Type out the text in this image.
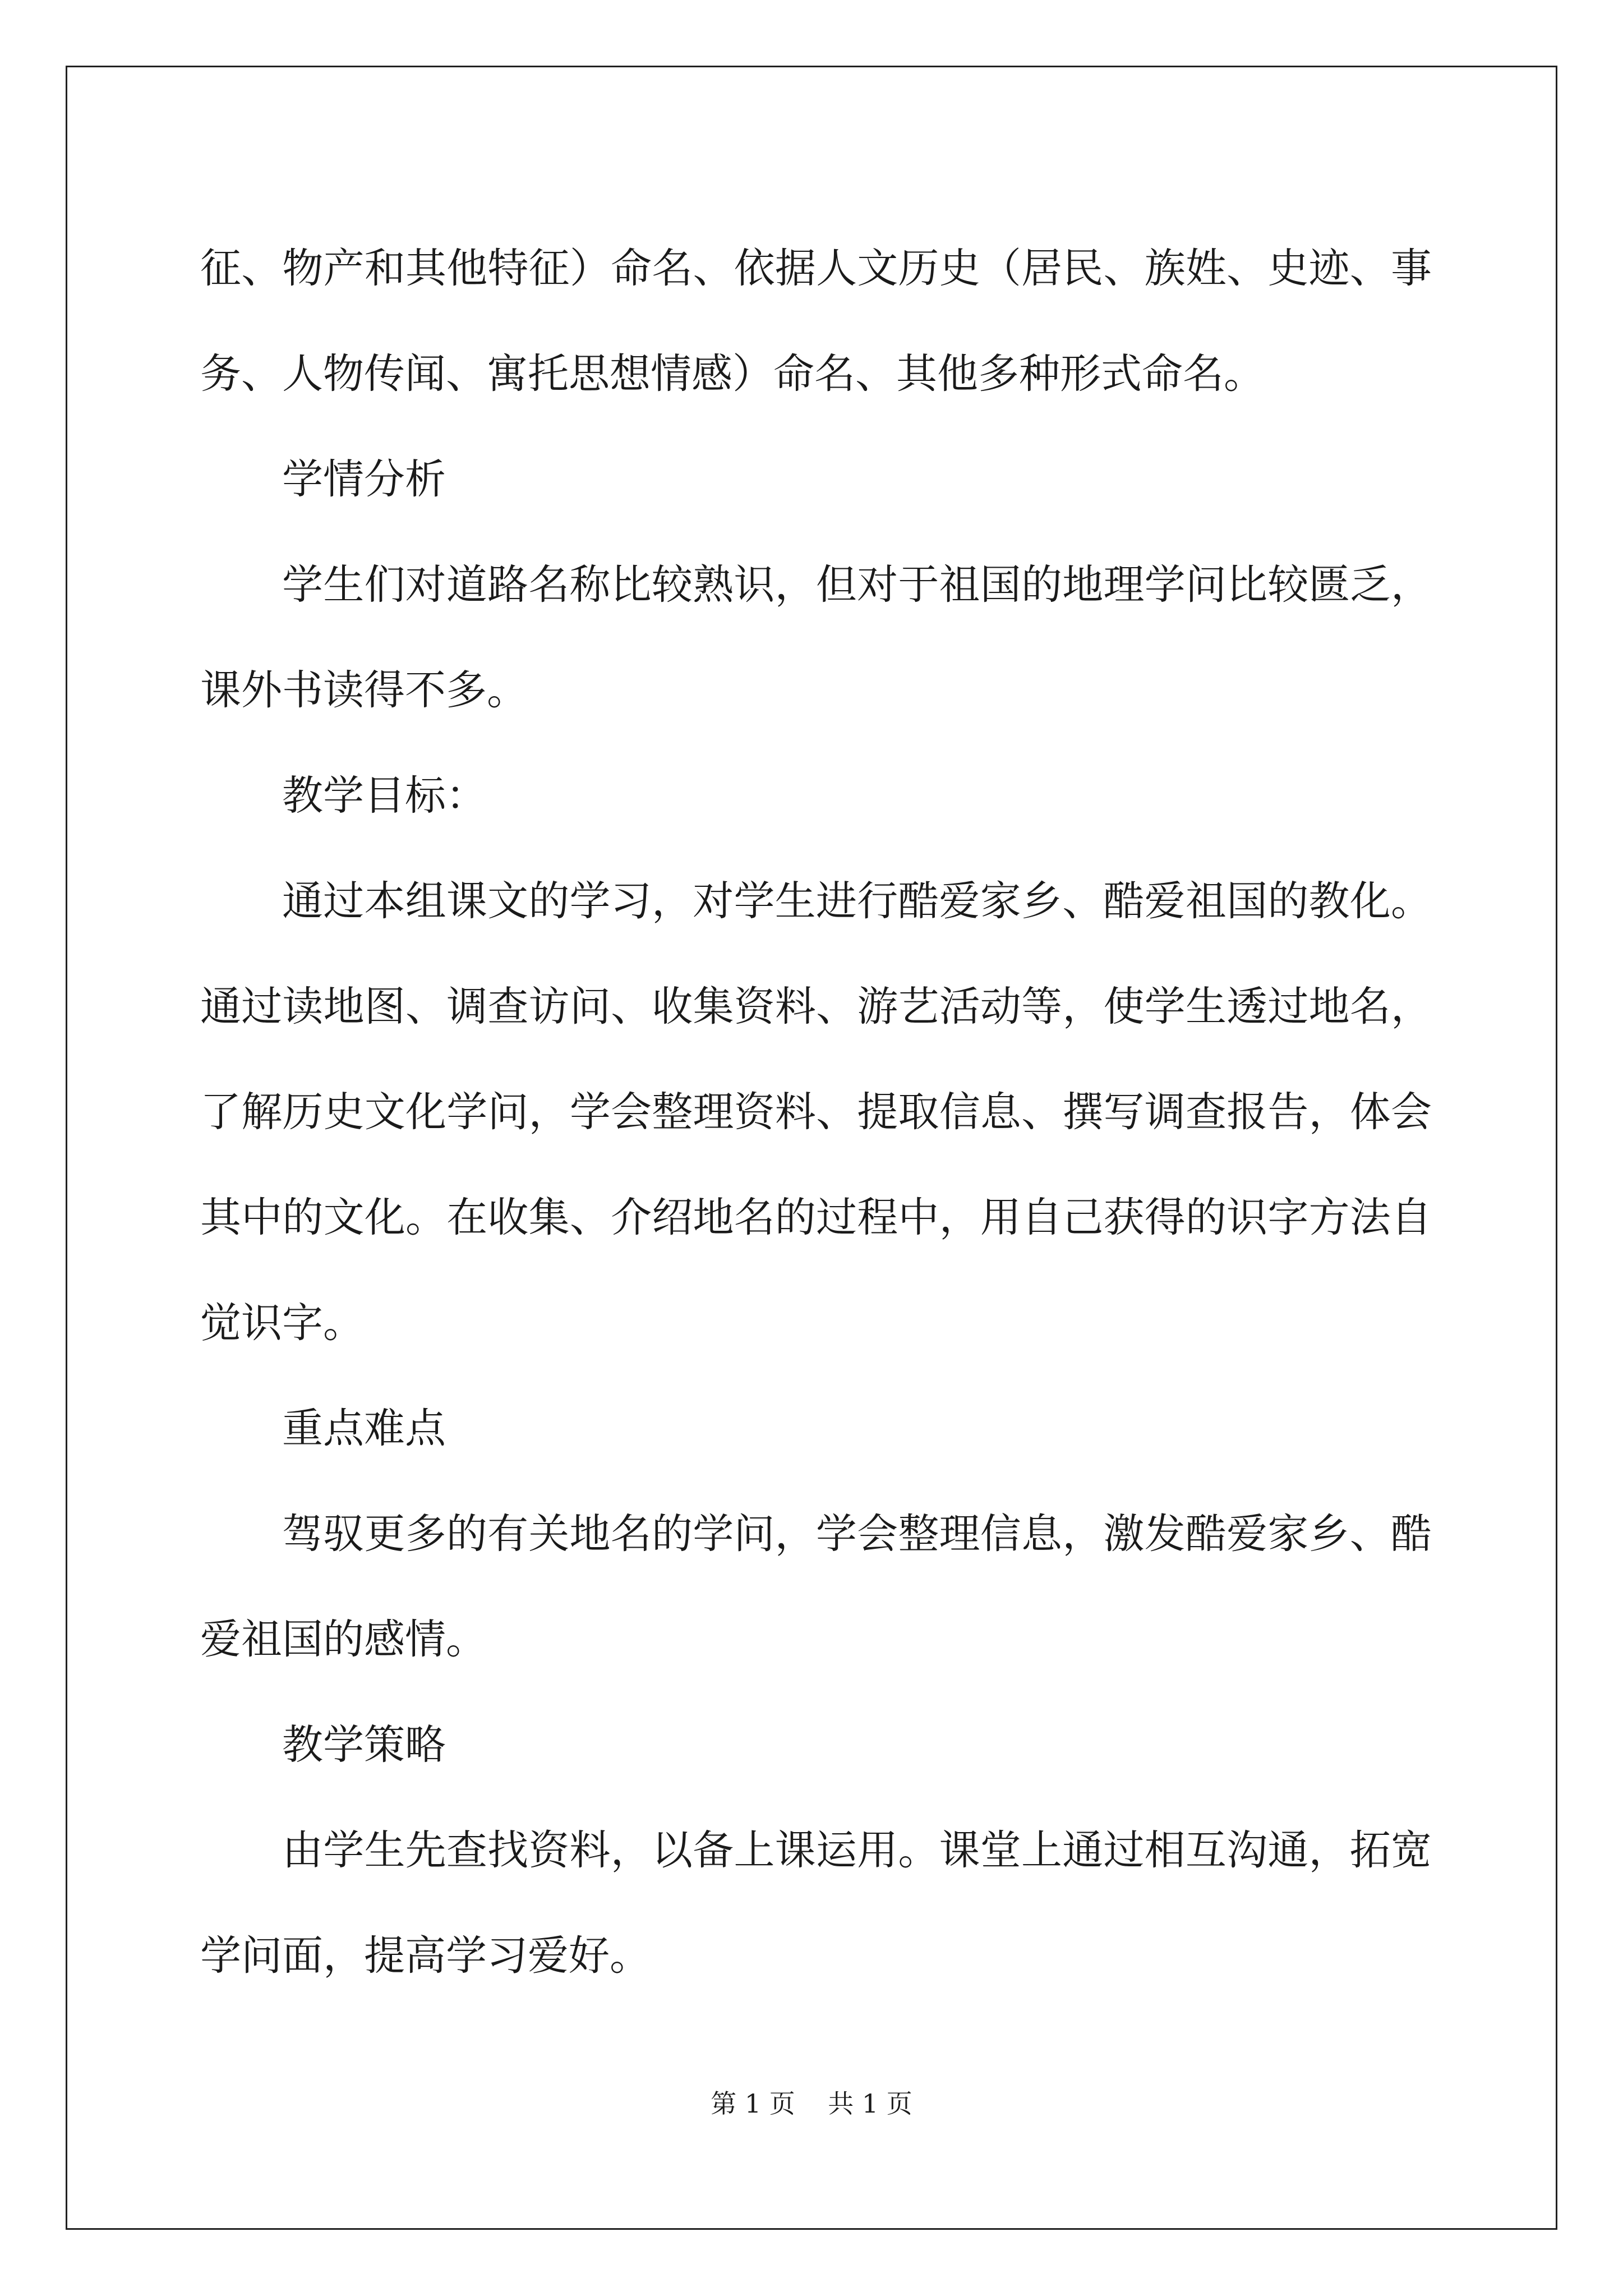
征、物产和其他特征）命名、依据人文历史（居民、族姓、史迹、事务、人物传闻、寓托思想情感）命名、其他多种形式命名。

学情分析

学生们对道路名称比较熟识，但对于祖国的地理学问比较匮乏，课外书读得不多。

教学目标：

通过本组课文的学习，对学生进行酷爱家乡、酷爱祖国的教化。通过读地图、调查访问、收集资料、游艺活动等，使学生透过地名，了解历史文化学问，学会整理资料、提取信息、撰写调查报告，体会其中的文化。在收集、介绍地名的过程中，用自己获得的识字方法自觉识字。

重点难点

驾驭更多的有关地名的学问，学会整理信息，激发酷爱家乡、酷爱祖国的感情。

教学策略

由学生先查找资料，以备上课运用。课堂上通过相互沟通，拓宽学问面，提高学习爱好。

第 1 页 共 1 页
